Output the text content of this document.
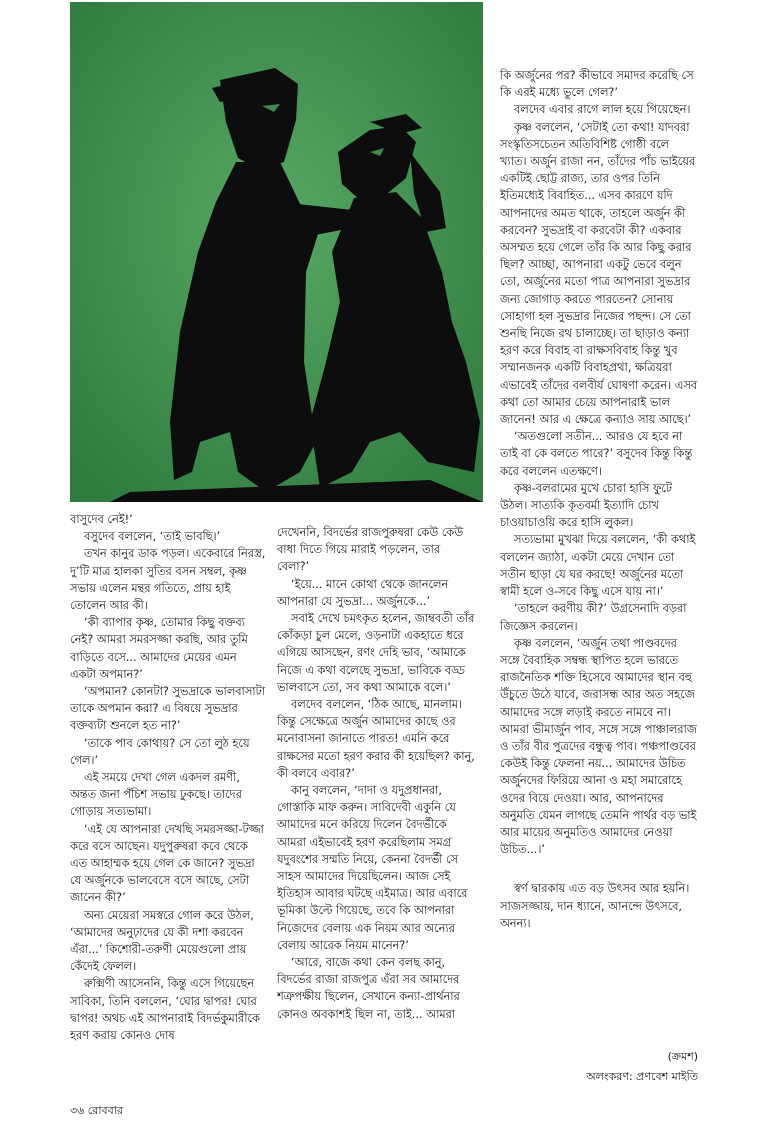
বাসুদেব নেই!’

বসুদেব বললেন, ‘তাই ভাবছি।’

তখন কানুর ডাক পড়ল। একেবারে নিরস্ত্র, দু’টি মাত্র হালকা সুতির বসন সম্বল, কৃষ্ণ সভায় এলেন মন্থর গতিতে, প্রায় হাই তোলেন আর কী।

‘কী ব্যাপার কৃষ্ণ, তোমার কিছু বক্তব্য নেই? আমরা সমরসজ্জা করছি, আর তুমি বাড়িতে বসে... আমাদের মেয়ের এমন একটা অপমান?’

‘অপমান? কোনটা? সুভদ্রাকে ভালবাসাটা তাকে অপমান করা? এ বিষয়ে সুভদ্রার বক্তব্যটা শুনলে হত না?’

‘তাকে পাব কোথায়? সে তো লুঠ হয়ে গেল।’

এই সময়ে দেখা গেল একদল রমণী, অন্তত জনা পঁচিশ সভায় ঢুকছে। তাদের গোড়ায় সত্যভামা।

‘এই যে আপনারা দেখছি সমরসজ্জা-টজ্জা করে বসে আছেন। যদুপুরুষরা কবে থেকে এত আহাম্মক হয়ে গেল কে জানে? সুভদ্রা যে অর্জুনকে ভালবেসে বসে আছে, সেটা জানেন কী?’

অন্য মেয়েরা সমস্বরে গোল করে উঠল, ‘আমাদের অনুঢ়াদের যে কী দশা করবেন এঁরা...’ কিশোরী-তরুণী মেয়েগুলো প্রায় কেঁদেই ফেলল।

রুক্মিণী আসেননি, কিন্তু এসে গিয়েছেন সাবিকা, তিনি বললেন, ‘ঘোর দ্বাপর! ঘোর দ্বাপর! অথচ এই আপনারাই বিদর্ভকুমারীকে হরণ করায় কোনও দোষ

দেখেননি, বিদর্ভের রাজপুরুষরা কেউ কেউ বাধা দিতে গিয়ে মারাই পড়লেন, তার বেলা?’

‘ইয়ে... মানে কোথা থেকে জানলেন আপনারা যে সুভদ্রা... অর্জুনকে...’

সবাই দেখে চমৎকৃত হলেন, জাম্ববতী তাঁর কোঁকড়া চুল মেলে, ওড়নাটা একহাতে ধরে এগিয়ে আসছেন, রণং দেহি ভাব, ‘আমাকে নিজে এ কথা বলেছে সুভদ্রা, ভাবিকে বড্ড ভালবাসে তো, সব কথা আমাকে বলে।’

বলদেব বললেন, ‘ঠিক আছে, মানলাম। কিন্তু সেক্ষেত্রে অর্জুন আমাদের কাছে ওর মনোবাসনা জানাতে পারত! এমনি করে রাক্ষসের মতো হরণ করার কী হয়েছিল? কানু, কী বলবে এবার?’

কানু বললেন, ‘দাদা ও যদুপ্রধানরা, গোস্তাকি মাফ করুন। সাবিদেবী একুনি যে আমাদের মনে করিয়ে দিলেন বৈদর্ভীকে আমরা এইভাবেই হরণ করেছিলাম সমগ্র যদুবংশের সম্মতি নিয়ে, কেননা বৈদর্ভী সে সাহস আমাদের দিয়েছিলেন। আজ সেই ইতিহাস আবার ঘটছে এইমাত্র। আর এবারে ভূমিকা উল্টে গিয়েছে, তবে কি আপনারা নিজেদের বেলায় এক নিয়ম আর অন্যের বেলায় আরেক নিয়ম মানেন?’

‘আরে, বাজে কথা কেন বলছ কানু, বিদর্ভের রাজা রাজপুত্র এঁরা সব আমাদের শত্রুপক্ষীয় ছিলেন, সেখানে কন্যা-প্রার্থনার কোনও অবকাশই ছিল না, তাই... আমরা

কি অর্জুনের পর? কীভাবে সমাদর করেছি সে কি এরই মধ্যে ভুলে গেল?’

বলদেব এবার রাগে লাল হয়ে গিয়েছেন।

কৃষ্ণ বললেন, ‘সেটাই তো কথা! যাদবরা সংস্কৃতিসচেতন অতিবিশিষ্ট গোষ্ঠী বলে খ্যাত। অর্জুন রাজা নন, তাঁদের পাঁচ ভাইয়ের একটিই ছোট্ট রাজ্য, তার ওপর তিনি ইতিমধ্যেই বিবাহিত... এসব কারণে যদি আপনাদের অমত থাকে, তাহলে অর্জুন কী করবেন? সুভদ্রাই বা করবেটা কী? একবার অসম্মত হয়ে গেলে তাঁর কি আর কিছু করার ছিল? আচ্ছা, আপনারা একটু ভেবে বলুন তো, অর্জুনের মতো পাত্র আপনারা সুভদ্রার জন্য জোগাড় করতে পারতেন? সোনায় সোহাগা হল সুভদ্রার নিজের পছন্দ। সে তো শুনছি নিজে রথ চালাচ্ছে। তা ছাড়াও কন্যা হরণ করে বিবাহ বা রাক্ষসবিবাহ কিন্তু খুব সম্মানজনক একটি বিবাহপ্রথা, ক্ষত্রিয়রা এভাবেই তাঁদের বলবীর্য ঘোষণা করেন। এসব কথা তো আমার চেয়ে আপনারাই ভাল জানেন! আর এ ক্ষেত্রে কন্যাও সায় আছে।’

‘অতগুলো সতীন... আরও যে হবে না তাই বা কে বলতে পারে?’ বসুদেব কিন্তু কিন্তু করে বললেন এতক্ষণে।

কৃষ্ণ-বলরামের মুখে চোরা হাসি ফুটে উঠল। সাত্যকি কৃতবর্মা ইত্যাদি চোখ চাওয়াচাওয়ি করে হাসি লুকল।

সত্যভামা মুখঝা দিয়ে বললেন, ‘কী কথাই বললেন জ্যাঠা, একটা মেয়ে দেখান তো সতীন ছাড়া যে ঘর করছে! অর্জুনের মতো স্বামী হলে ও-সবে কিছু এসে যায় না।’

‘তাহলে করণীয় কী?’ উগ্রসেনাদি বড়রা জিজ্ঞেস করলেন।

কৃষ্ণ বললেন, ‘অর্জুন তথা পাণ্ডবদের সঙ্গে বৈবাহিক সম্বন্ধ স্থাপিত হলে ভারতে রাজনৈতিক শক্তি হিসেবে আমাদের স্থান বহু উঁচুতে উঠে যাবে, জরাসন্ধ আর অত সহজে আমাদের সঙ্গে লড়াই করতে নামবে না। আমরা ভীমার্জুন পাব, সঙ্গে সঙ্গে পাঞ্চালরাজ ও তাঁর বীর পুত্রদের বন্ধুত্ব পাব। পঞ্চপাণ্ডবের কেউই কিন্তু ফেলনা নয়... আমাদের উচিত অর্জুনদের ফিরিয়ে আনা ও মহা সমারোহে ওদের বিয়ে দেওয়া। আর, আপনাদের অনুমতি যেমন লাগছে তেমনি পার্থর বড় ভাই আর মায়ের অনুমতিও আমাদের নেওয়া উচিত...।’

স্বর্ণ দ্বারকায় এত বড় উৎসব আর হয়নি। সাজসজ্জায়, দান ধ্যানে, আনন্দে উৎসবে, অনন্য।

(ক্রমশ)
অলংকরণ: প্রণবেশ মাইতি
৩৬ রোববার
